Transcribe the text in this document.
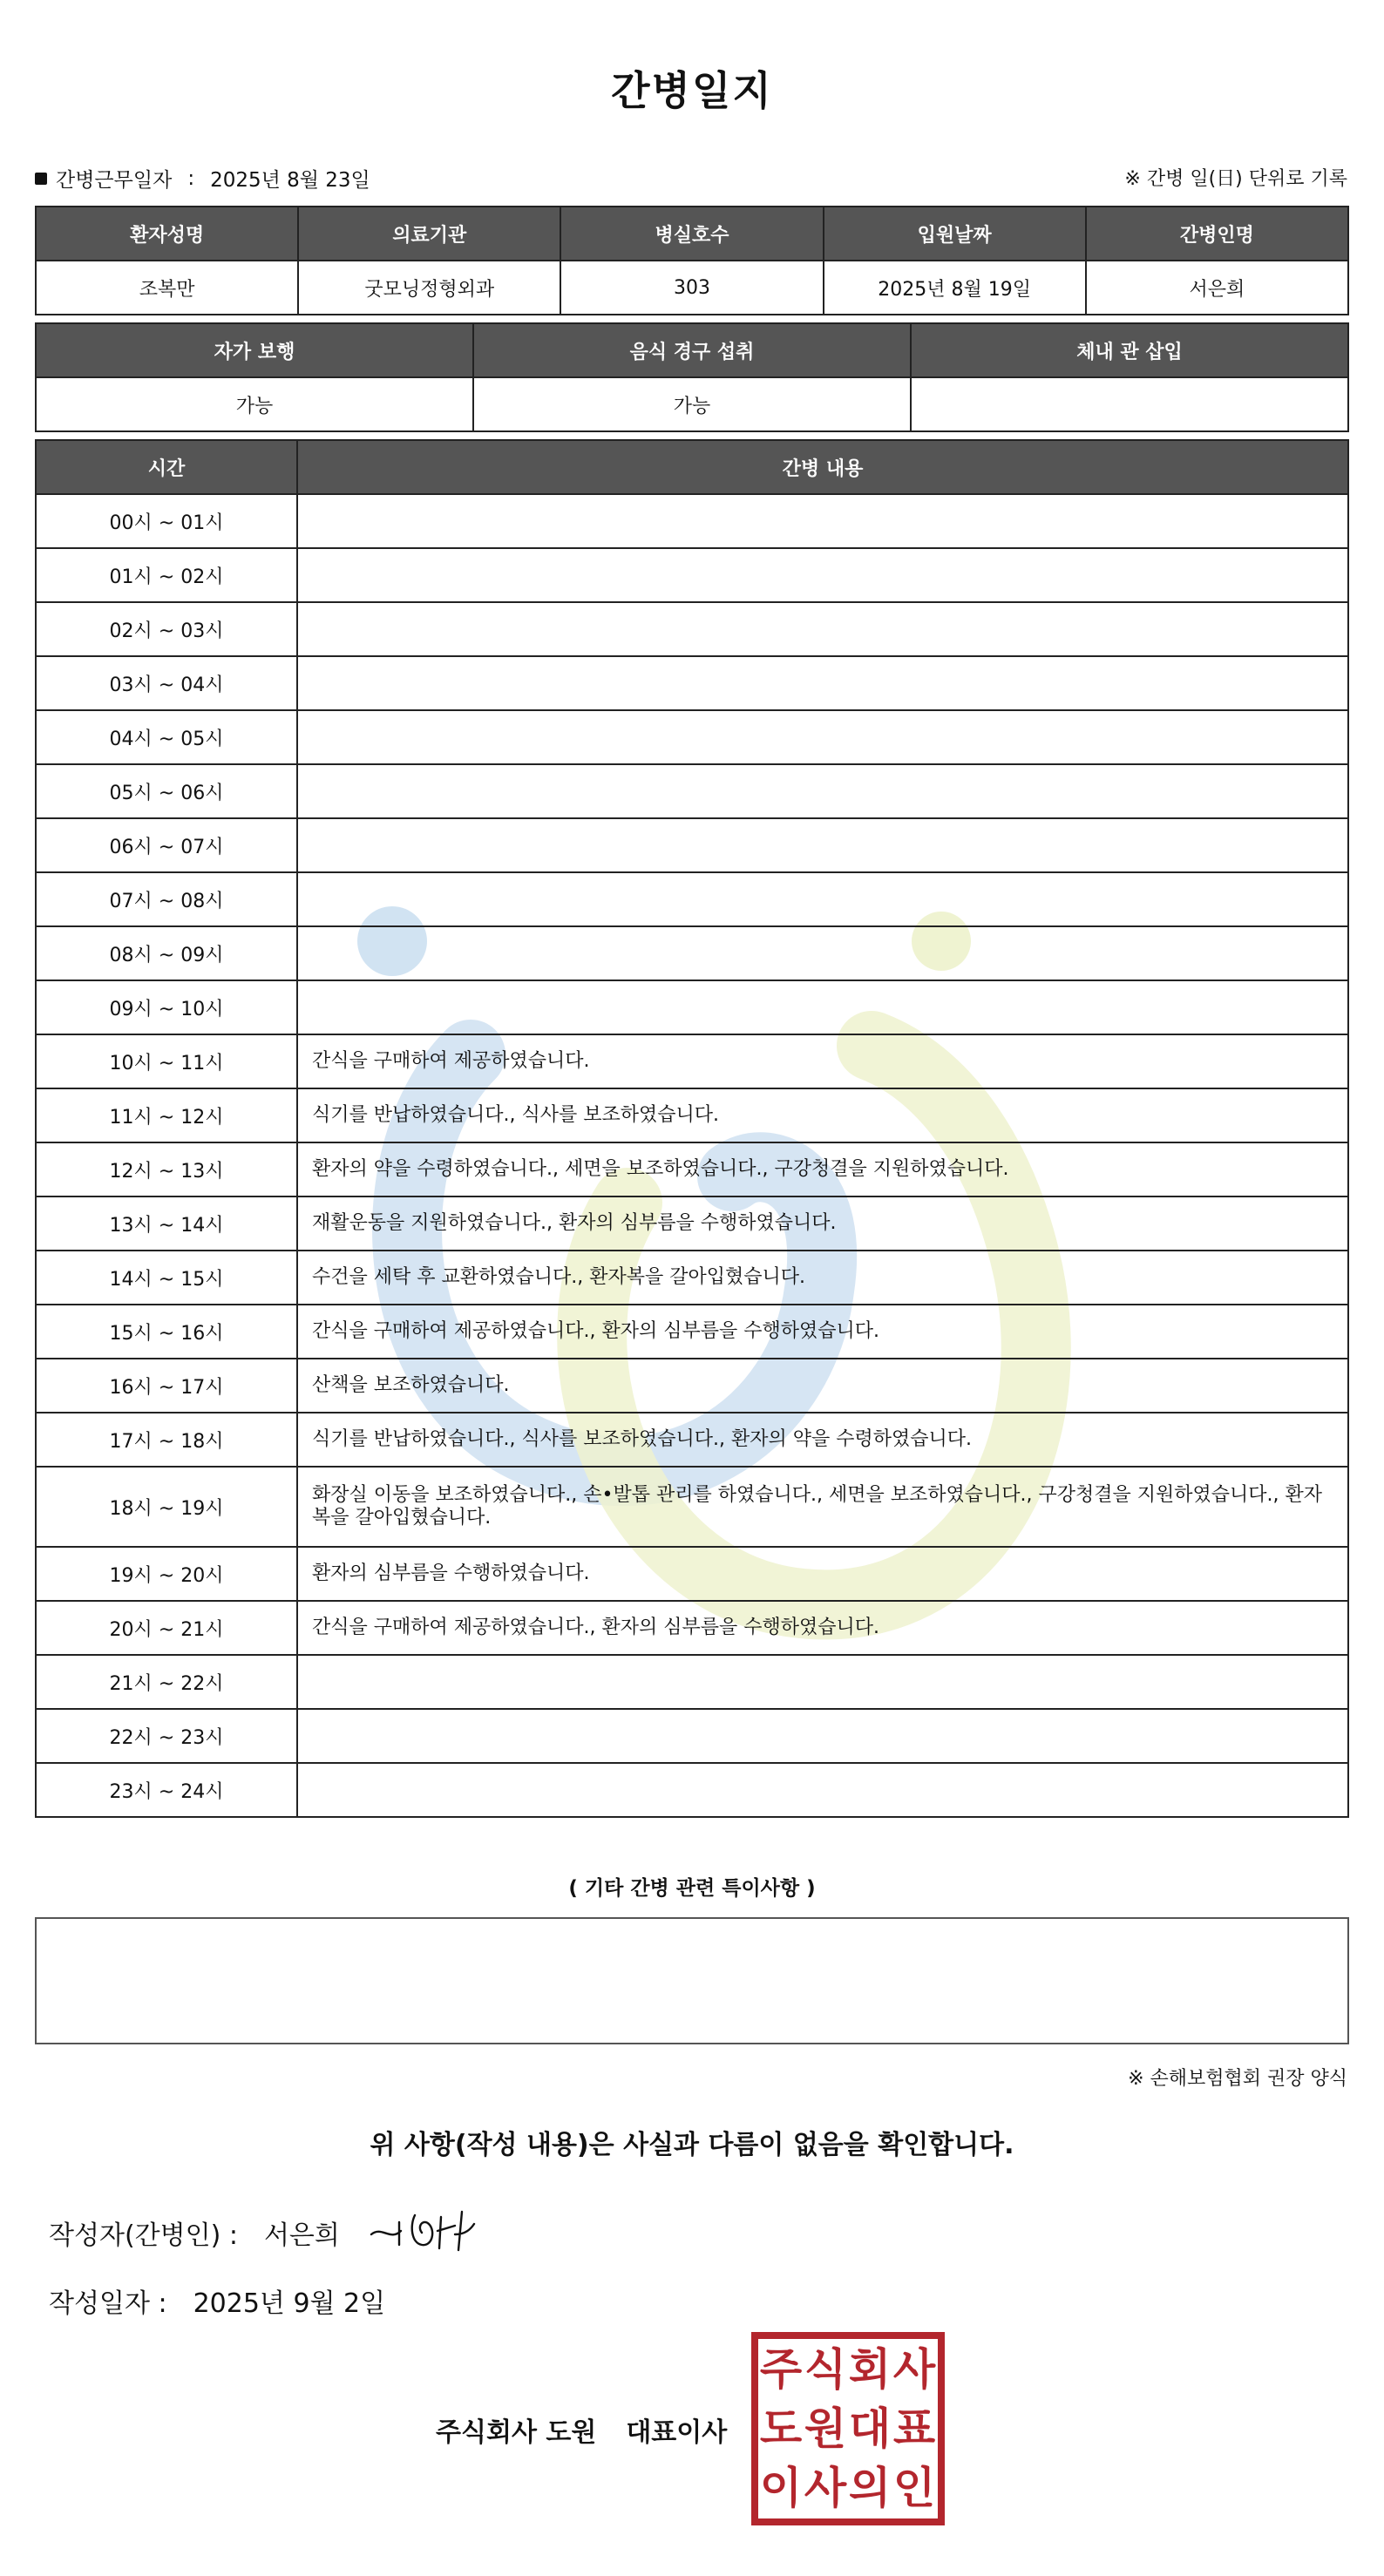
간병일지
간병근무일자 : 2025년 8월 23일	※ 간병 일(日) 단위로 기록
환자성명	의료기관	병실호수	입원날짜	간병인명
조복만	굿모닝정형외과	303	2025년 8월 19일	서은희
자가 보행	음식 경구 섭취	체내 관 삽입
가능	가능	
시간	간병 내용
00시 ~ 01시	
01시 ~ 02시	
02시 ~ 03시	
03시 ~ 04시	
04시 ~ 05시	
05시 ~ 06시	
06시 ~ 07시	
07시 ~ 08시	
08시 ~ 09시	
09시 ~ 10시	
10시 ~ 11시	간식을 구매하여 제공하였습니다.
11시 ~ 12시	식기를 반납하였습니다., 식사를 보조하였습니다.
12시 ~ 13시	환자의 약을 수령하였습니다., 세면을 보조하였습니다., 구강청결을 지원하였습니다.
13시 ~ 14시	재활운동을 지원하였습니다., 환자의 심부름을 수행하였습니다.
14시 ~ 15시	수건을 세탁 후 교환하였습니다., 환자복을 갈아입혔습니다.
15시 ~ 16시	간식을 구매하여 제공하였습니다., 환자의 심부름을 수행하였습니다.
16시 ~ 17시	산책을 보조하였습니다.
17시 ~ 18시	식기를 반납하였습니다., 식사를 보조하였습니다., 환자의 약을 수령하였습니다.
18시 ~ 19시	화장실 이동을 보조하였습니다., 손•발톱 관리를 하였습니다., 세면을 보조하였습니다., 구강청결을 지원하였습니다., 환자복을 갈아입혔습니다.
19시 ~ 20시	환자의 심부름을 수행하였습니다.
20시 ~ 21시	간식을 구매하여 제공하였습니다., 환자의 심부름을 수행하였습니다.
21시 ~ 22시	
22시 ~ 23시	
23시 ~ 24시	
( 기타 간병 관련 특이사항 )
※ 손해보험협회 권장 양식
위 사항(작성 내용)은 사실과 다름이 없음을 확인합니다.
작성자(간병인) : 서은희
작성일자 : 2025년 9월 2일
주식회사 도원 대표이사
주 식 회 사
도 원 대 표
이 사 의 인
